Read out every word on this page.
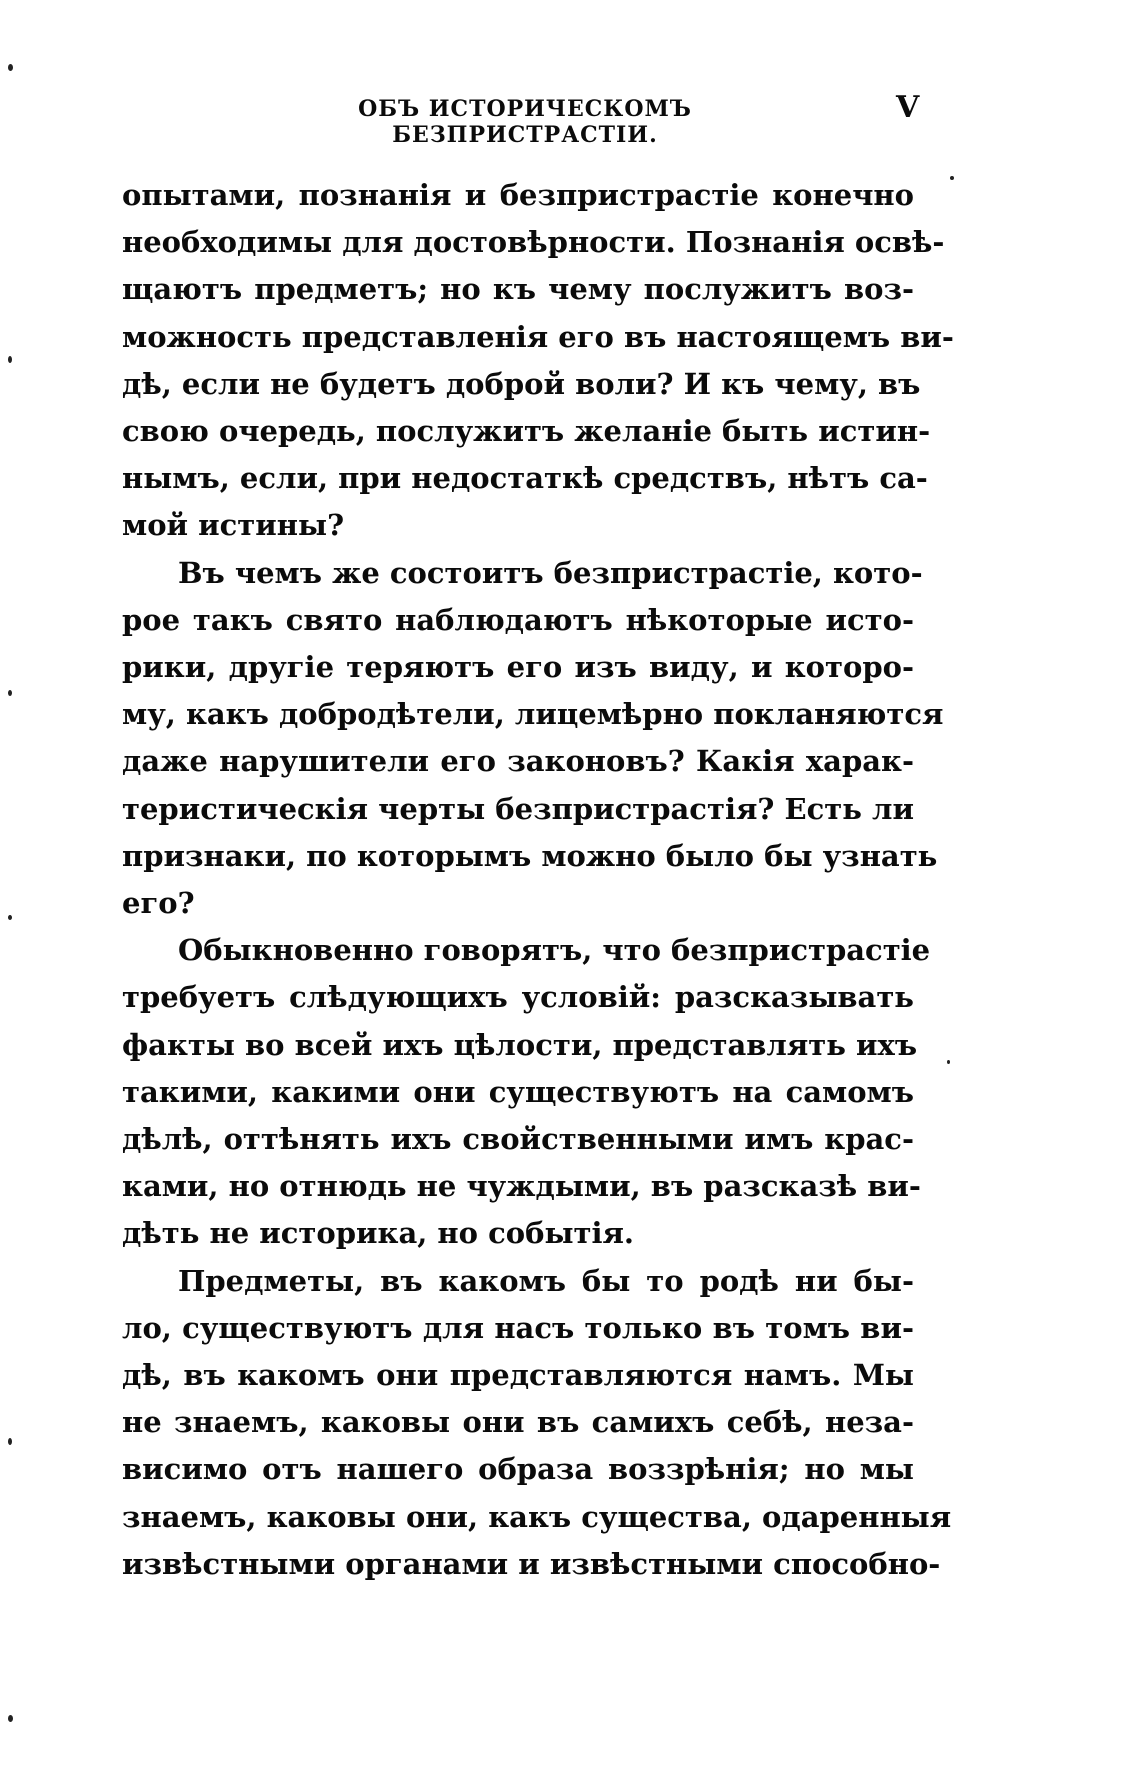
ОБЪ ИСТОРИЧЕСКОМЪ БЕЗПРИСТРАСТІИ.
V
опытами, познанія и безпристрастіе конечно
необходимы для достовѣрности. Познанія освѣ-
щаютъ предметъ; но къ чему послужитъ воз-
можность представленія его въ настоящемъ ви-
дѣ, если не будетъ доброй воли? И къ чему, въ
свою очередь, послужитъ желаніе быть истин-
нымъ, если, при недостаткѣ средствъ, нѣтъ са-
мой истины?
Въ чемъ же состоитъ безпристрастіе, кото-
рое такъ свято наблюдаютъ нѣкоторые исто-
рики, другіе теряютъ его изъ виду, и которо-
му, какъ добродѣтели, лицемѣрно покланяются
даже нарушители его законовъ? Какія харак-
теристическія черты безпристрастія? Есть ли
признаки, по которымъ можно было бы узнать
его?
Обыкновенно говорятъ, что безпристрастіе
требуетъ слѣдующихъ условій: разсказывать
факты во всей ихъ цѣлости, представлять ихъ
такими, какими они существуютъ на самомъ
дѣлѣ, оттѣнять ихъ свойственными имъ крас-
ками, но отнюдь не чуждыми, въ разсказѣ ви-
дѣть не историка, но событія.
Предметы, въ какомъ бы то родѣ ни бы-
ло, существуютъ для насъ только въ томъ ви-
дѣ, въ какомъ они представляются намъ. Мы
не знаемъ, каковы они въ самихъ себѣ, неза-
висимо отъ нашего образа воззрѣнія; но мы
знаемъ, каковы они, какъ существа, одаренныя
извѣстными органами и извѣстными способно-
